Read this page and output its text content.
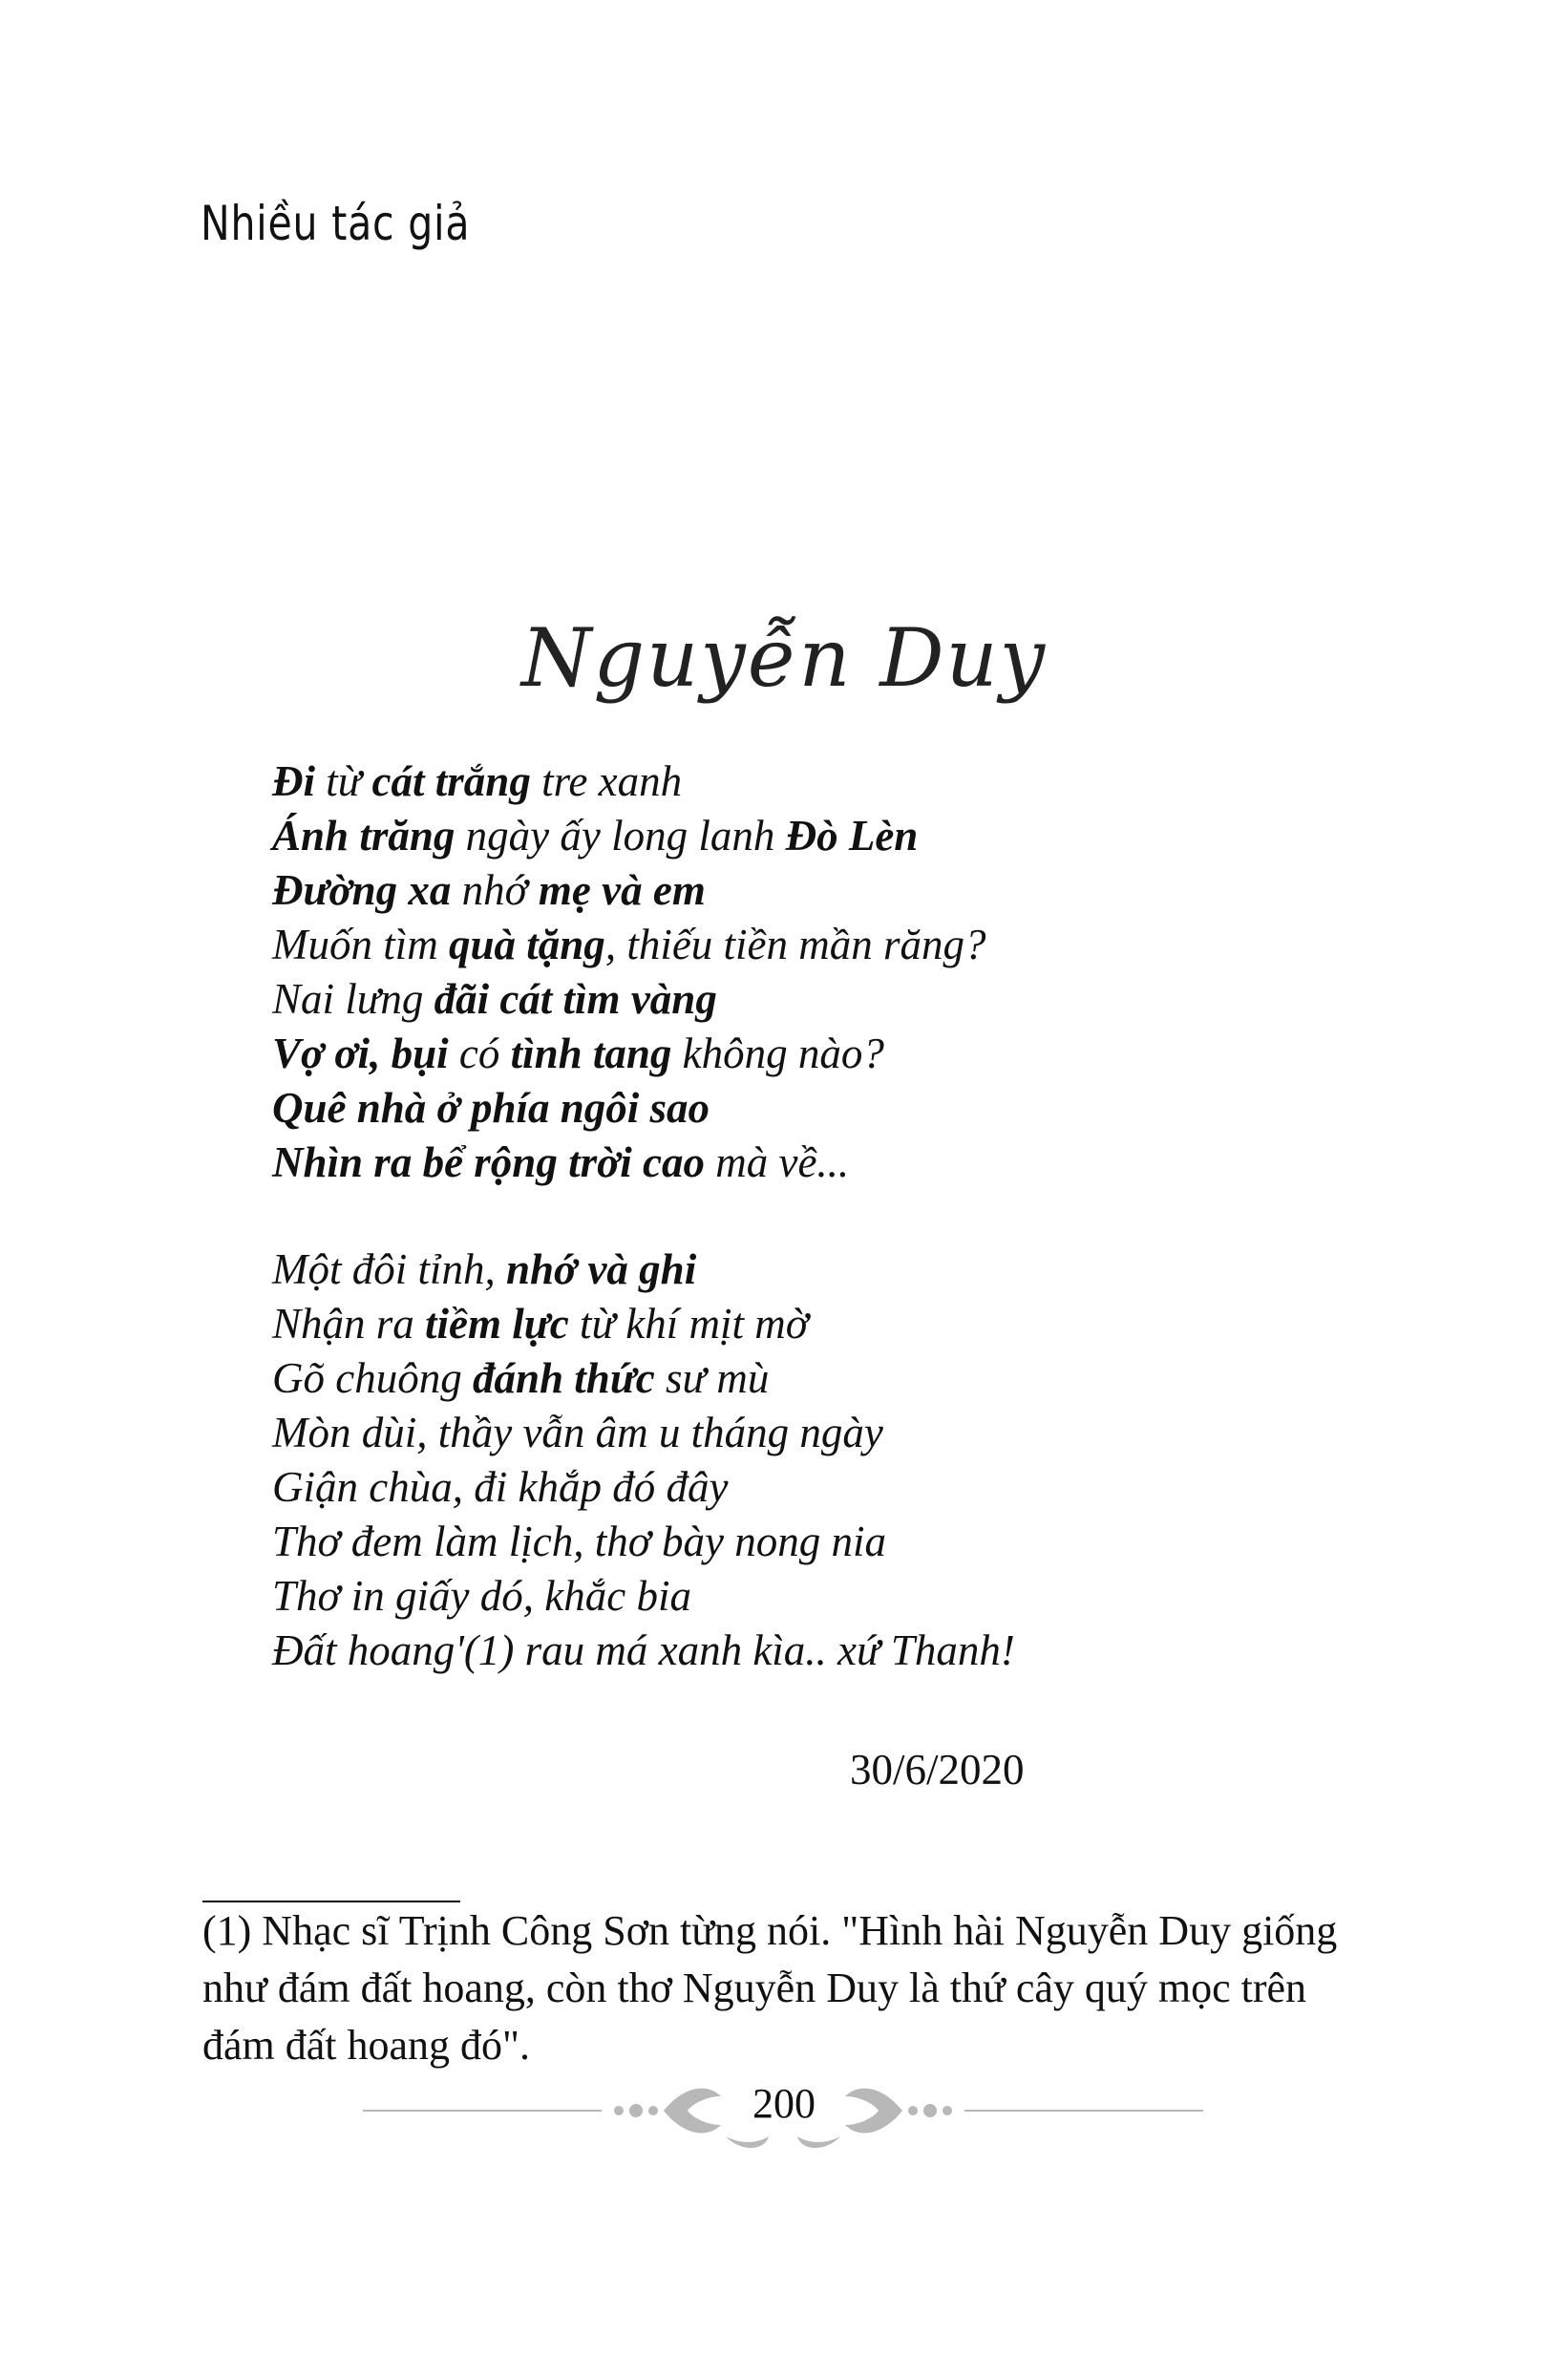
Nhiều tác giả
Nguyễn Duy
Đi từ cát trắng tre xanh
Ánh trăng ngày ấy long lanh Đò Lèn
Đường xa nhớ mẹ và em
Muốn tìm quà tặng, thiếu tiền mần răng?
Nai lưng đãi cát tìm vàng
Vợ ơi, bụi có tình tang không nào?
Quê nhà ở phía ngôi sao
Nhìn ra bể rộng trời cao mà về...
Một đôi tỉnh, nhớ và ghi
Nhận ra tiềm lực từ khí mịt mờ
Gõ chuông đánh thức sư mù
Mòn dùi, thầy vẫn âm u tháng ngày
Giận chùa, đi khắp đó đây
Thơ đem làm lịch, thơ bày nong nia
Thơ in giấy dó, khắc bia
Đất hoang'(1) rau má xanh kìa.. xứ Thanh!
30/6/2020
(1) Nhạc sĩ Trịnh Công Sơn từng nói. "Hình hài Nguyễn Duy giống như đám đất hoang, còn thơ Nguyễn Duy là thứ cây quý mọc trên đám đất hoang đó".
200
